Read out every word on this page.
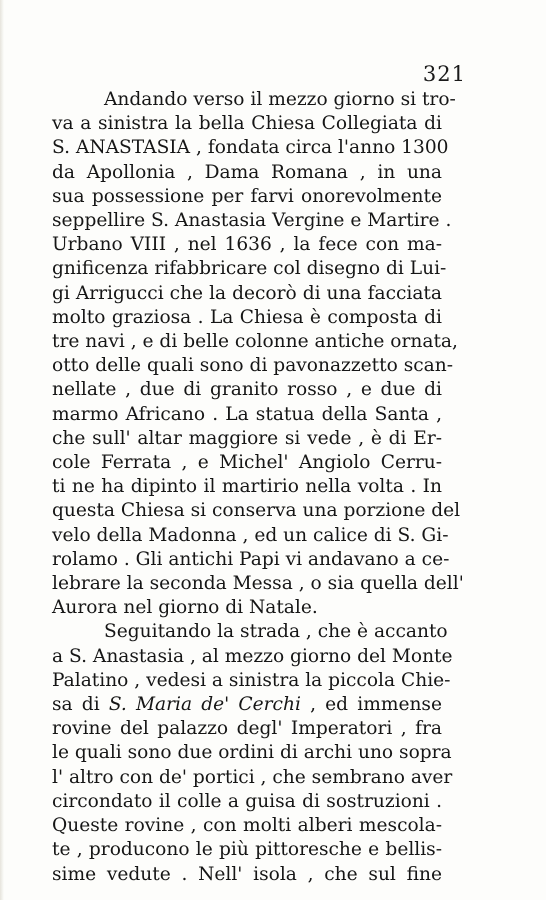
321
Andando verso il mezzo giorno si tro-
va a sinistra la bella Chiesa Collegiata di
S. ANASTASIA , fondata circa l'anno 1300
da Apollonia , Dama Romana , in una
sua possessione per farvi onorevolmente
seppellire S. Anastasia Vergine e Martire .
Urbano VIII , nel 1636 , la fece con ma-
gnificenza rifabbricare col disegno di Lui-
gi Arrigucci che la decorò di una facciata
molto graziosa . La Chiesa è composta di
tre navi , e di belle colonne antiche ornata,
otto delle quali sono di pavonazzetto scan-
nellate , due di granito rosso , e due di
marmo Africano . La statua della Santa ,
che sull' altar maggiore si vede , è di Er-
cole Ferrata , e Michel' Angiolo Cerru-
ti ne ha dipinto il martirio nella volta . In
questa Chiesa si conserva una porzione del
velo della Madonna , ed un calice di S. Gi-
rolamo . Gli antichi Papi vi andavano a ce-
lebrare la seconda Messa , o sia quella dell'
Aurora nel giorno di Natale.
Seguitando la strada , che è accanto
a S. Anastasia , al mezzo giorno del Monte
Palatino , vedesi a sinistra la piccola Chie-
sa di S. Maria de' Cerchi , ed immense
rovine del palazzo degl' Imperatori , fra
le quali sono due ordini di archi uno sopra
l' altro con de' portici , che sembrano aver
circondato il colle a guisa di sostruzioni .
Queste rovine , con molti alberi mescola-
te , producono le più pittoresche e bellis-
sime vedute . Nell' isola , che sul fine
